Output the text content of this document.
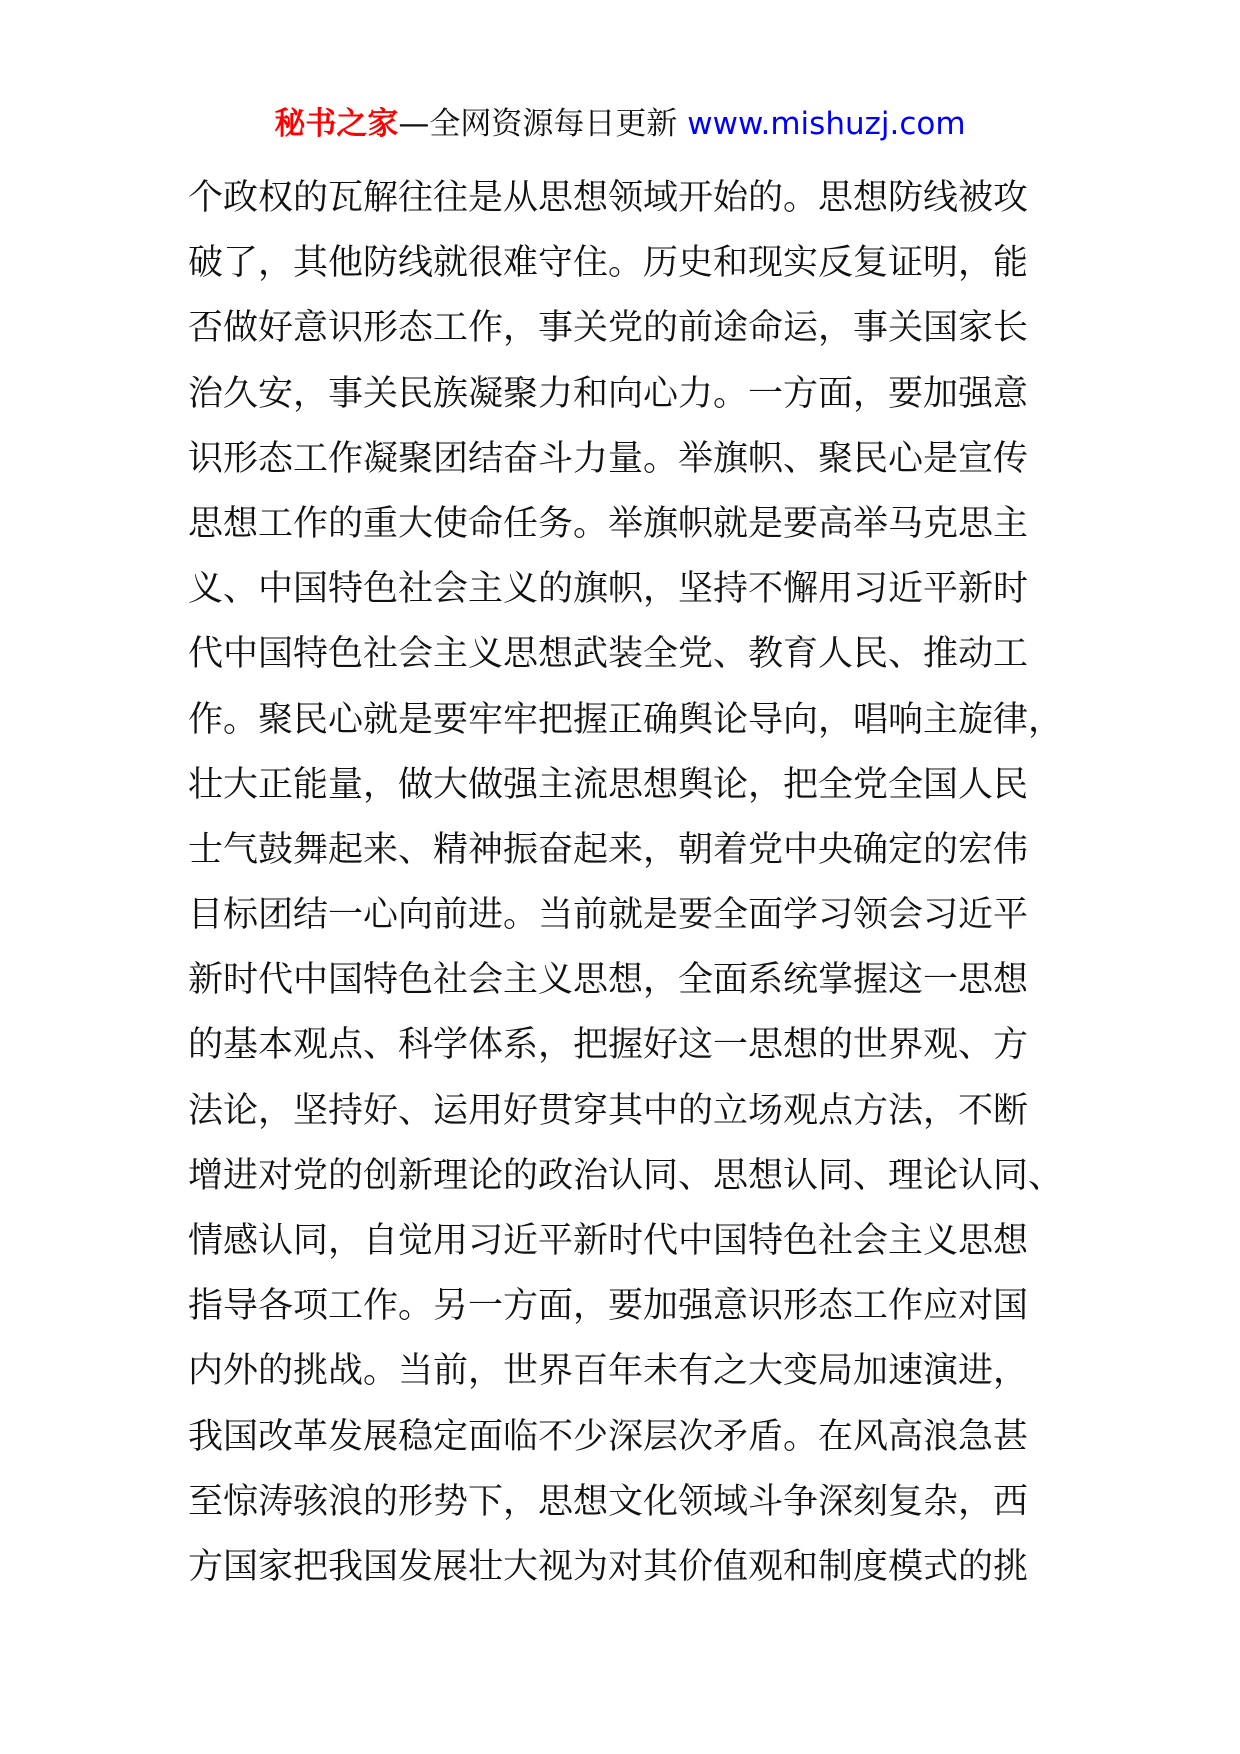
秘书之家—全网资源每日更新 www.mishuzj.com
个政权的瓦解往往是从思想领域开始的。思想防线被攻
破了，其他防线就很难守住。历史和现实反复证明，能
否做好意识形态工作，事关党的前途命运，事关国家长
治久安，事关民族凝聚力和向心力。一方面，要加强意
识形态工作凝聚团结奋斗力量。举旗帜、聚民心是宣传
思想工作的重大使命任务。举旗帜就是要高举马克思主
义、中国特色社会主义的旗帜，坚持不懈用习近平新时
代中国特色社会主义思想武装全党、教育人民、推动工
作。聚民心就是要牢牢把握正确舆论导向，唱响主旋律，
壮大正能量，做大做强主流思想舆论，把全党全国人民
士气鼓舞起来、精神振奋起来，朝着党中央确定的宏伟
目标团结一心向前进。当前就是要全面学习领会习近平
新时代中国特色社会主义思想，全面系统掌握这一思想
的基本观点、科学体系，把握好这一思想的世界观、方
法论，坚持好、运用好贯穿其中的立场观点方法，不断
增进对党的创新理论的政治认同、思想认同、理论认同、
情感认同，自觉用习近平新时代中国特色社会主义思想
指导各项工作。另一方面，要加强意识形态工作应对国
内外的挑战。当前，世界百年未有之大变局加速演进，
我国改革发展稳定面临不少深层次矛盾。在风高浪急甚
至惊涛骇浪的形势下，思想文化领域斗争深刻复杂，西
方国家把我国发展壮大视为对其价值观和制度模式的挑
